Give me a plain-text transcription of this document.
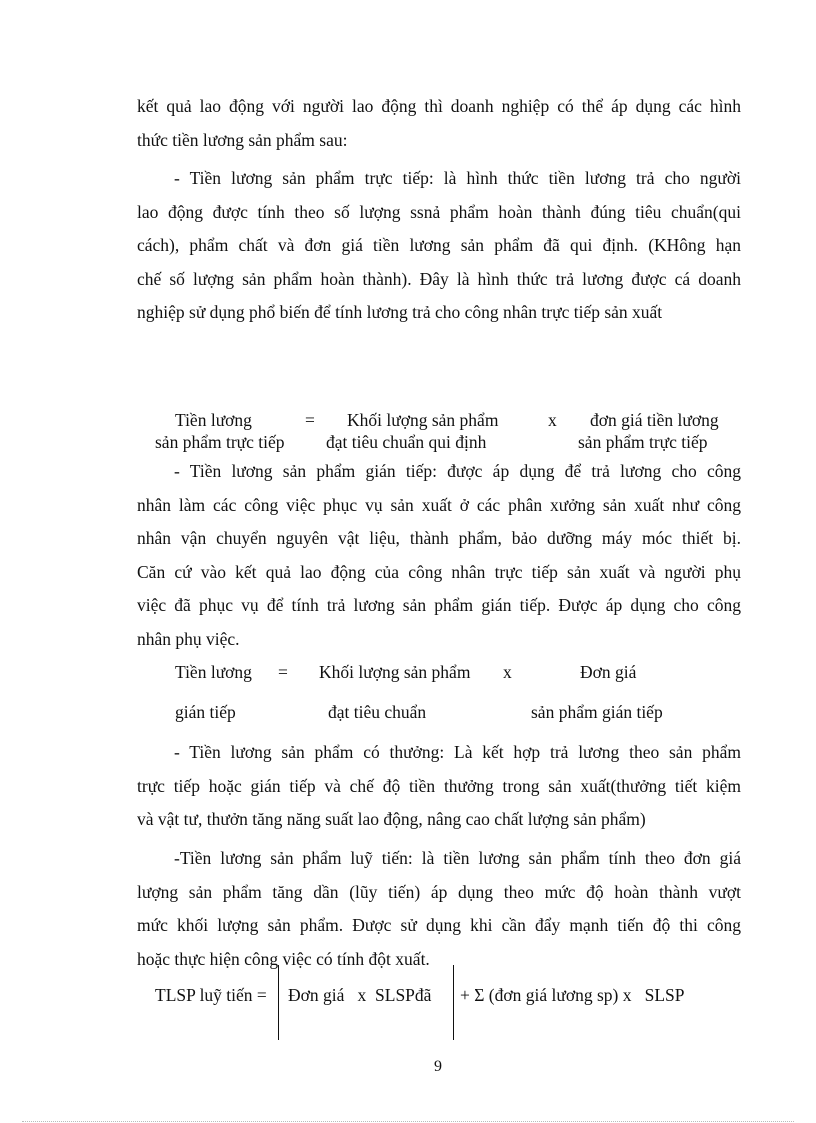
kết quả lao động với người lao động thì doanh nghiệp có thể áp dụng các hình
thức tiền lương sản phẩm sau:
- Tiền lương sản phẩm trực tiếp: là hình thức tiền lương trả cho người
lao động được tính theo số lượng ssnả phẩm hoàn thành đúng tiêu chuẩn(qui
cách), phẩm chất và đơn giá tiền lương sản phẩm đã qui định. (KHông hạn
chế số lượng sản phẩm hoàn thành). Đây là hình thức trả lương được cá doanh
nghiệp sử dụng phổ biến để tính lương trả cho công nhân trực tiếp sản xuất
Tiền lương
sản phẩm trực tiếp
= Khối lượng sản phẩm
đạt tiêu chuẩn qui định
x đơn giá tiền lương
sản phẩm trực tiếp
- Tiền lương sản phẩm gián tiếp: được áp dụng để trả lương cho công
nhân làm các công việc phục vụ sản xuất ở các phân xưởng sản xuất như công
nhân vận chuyển nguyên vật liệu, thành phẩm, bảo dưỡng máy móc thiết bị.
Căn cứ vào kết quả lao động của công nhân trực tiếp sản xuất và người phụ
việc đã phục vụ để tính trả lương sản phẩm gián tiếp. Được áp dụng cho công
nhân phụ việc.
Tiền lương
gián tiếp
= Khối lượng sản phẩm
đạt tiêu chuẩn
x	Đơn giá
sản phẩm gián tiếp
- Tiền lương sản phẩm có thưởng: Là kết hợp trả lương theo sản phẩm
trực tiếp hoặc gián tiếp và chế độ tiền thưởng trong sản xuất(thưởng tiết kiệm
và vật tư, thưởn tăng năng suất lao động, nâng cao chất lượng sản phẩm)
-Tiền lương sản phẩm luỹ tiến: là tiền lương sản phẩm tính theo đơn giá
lượng sản phẩm tăng dần (lũy tiến) áp dụng theo mức độ hoàn thành vượt
mức khối lượng sản phẩm. Được sử dụng khi cần đẩy mạnh tiến độ thi công
hoặc thực hiện công việc có tính đột xuất.
TLSP luỹ tiến = Đơn giá   x  SLSPđã + Σ (đơn giá lương sp) x   SLSP
9
